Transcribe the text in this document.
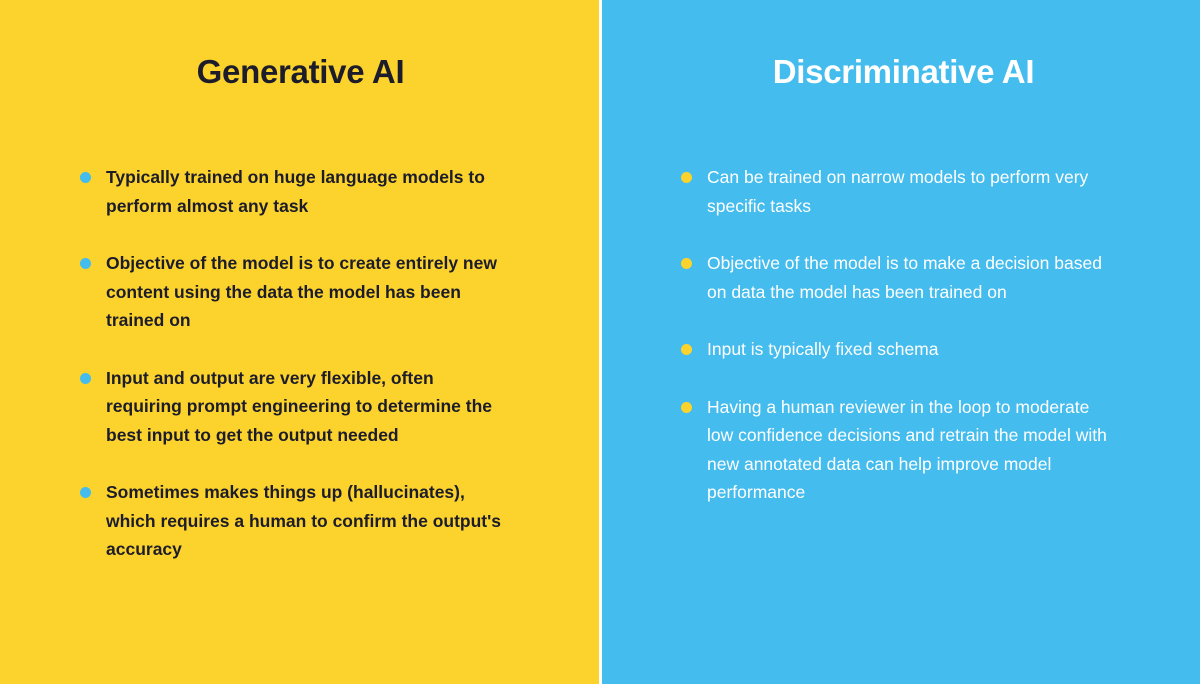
Generative AI
Typically trained on huge language models to perform almost any task
Objective of the model is to create entirely new content using the data the model has been trained on
Input and output are very flexible, often requiring prompt engineering to determine the best input to get the output needed
Sometimes makes things up (hallucinates), which requires a human to confirm the output's accuracy
Discriminative AI
Can be trained on narrow models to perform very specific tasks
Objective of the model is to make a decision based on data the model has been trained on
Input is typically fixed schema
Having a human reviewer in the loop to moderate low confidence decisions and retrain the model with new annotated data can help improve model performance
